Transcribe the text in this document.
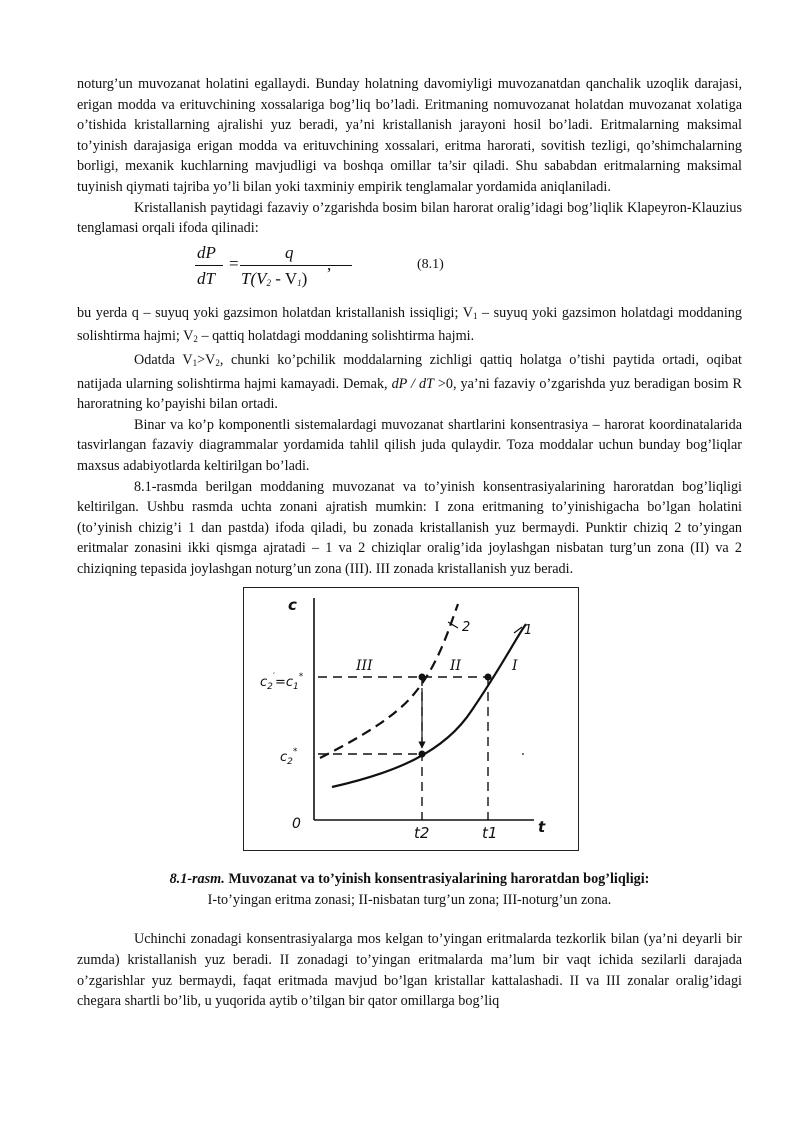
noturg’un muvozanat holatini egallaydi. Bunday holatning davomiyligi muvozanatdan qanchalik uzoqlik darajasi, erigan modda va erituvchining xossalariga bog’liq bo’ladi. Eritmaning nomuvozanat holatdan muvozanat xolatiga o’tishida kristallarning ajralishi yuz beradi, ya’ni kristallanish jarayoni hosil bo’ladi. Eritmalarning maksimal to’yinish darajasiga erigan modda va erituvchining xossalari, eritma harorati, sovitish tezligi, qo’shimchalarning borligi, mexanik kuchlarning mavjudligi va boshqa omillar ta’sir qiladi. Shu sababdan eritmalarning maksimal tuyinish qiymati tajriba yo’li bilan yoki taxminiy empirik tenglamalar yordamida aniqlaniladi.

Kristallanish paytidagi fazaviy o’zgarishda bosim bilan harorat oralig’idagi bog’liqlik Klapeyron-Klauzius tenglamasi orqali ifoda qilinadi:

dP
dT
=
q
$T(V_2 - V_1)$
,	(8.1)

bu yerda q – suyuq yoki gazsimon holatdan kristallanish issiqligi; $V_1$ – suyuq yoki gazsimon holatdagi moddaning solishtirma hajmi; $V_2$ – qattiq holatdagi moddaning solishtirma hajmi.

Odatda $V_1>V_2$, chunki ko’pchilik moddalarning zichligi qattiq holatga o’tishi paytida ortadi, oqibat natijada ularning solishtirma hajmi kamayadi. Demak, dP / dT >0, ya’ni fazaviy o’zgarishda yuz beradigan bosim R haroratning ko’payishi bilan ortadi.

Binar va ko’p komponentli sistemalardagi muvozanat shartlarini konsentrasiya – harorat koordinatalarida tasvirlangan fazaviy diagrammalar yordamida tahlil qilish juda qulaydir. Toza moddalar uchun bunday bog’liqlar maxsus adabiyotlarda keltirilgan bo’ladi.

8.1-rasmda berilgan moddaning muvozanat va to’yinish konsentrasiyalarining haroratdan bog’liqligi keltirilgan. Ushbu rasmda uchta zonani ajratish mumkin: I zona eritmaning to’yinishigacha bo’lgan holatini (to’yinish chizig’i 1 dan pastda) ifoda qiladi, bu zonada kristallanish yuz bermaydi. Punktir chiziq 2 to’yingan eritmalar zonasini ikki qismga ajratadi – 1 va 2 chiziqlar oralig’ida joylashgan nisbatan turg’un zona (II) va 2 chiziqning tepasida joylashgan noturg’un zona (III). III zonada kristallanish yuz beradi.

c
0	t
t2	t1
$c_2'=c_1^*$
$c_2^*$
III	II	I
2	1
8.1-rasm. Muvozanat va to’yinish konsentrasiyalarining haroratdan bog’liqligi:
I-to’yingan eritma zonasi; II-nisbatan turg’un zona; III-noturg’un zona.

Uchinchi zonadagi konsentrasiyalarga mos kelgan to’yingan eritmalarda tezkorlik bilan (ya’ni deyarli bir zumda) kristallanish yuz beradi. II zonadagi to’yingan eritmalarda ma’lum bir vaqt ichida sezilarli darajada o’zgarishlar yuz bermaydi, faqat eritmada mavjud bo’lgan kristallar kattalashadi. II va III zonalar oralig’idagi chegara shartli bo’lib, u yuqorida aytib o’tilgan bir qator omillarga bog’liq
